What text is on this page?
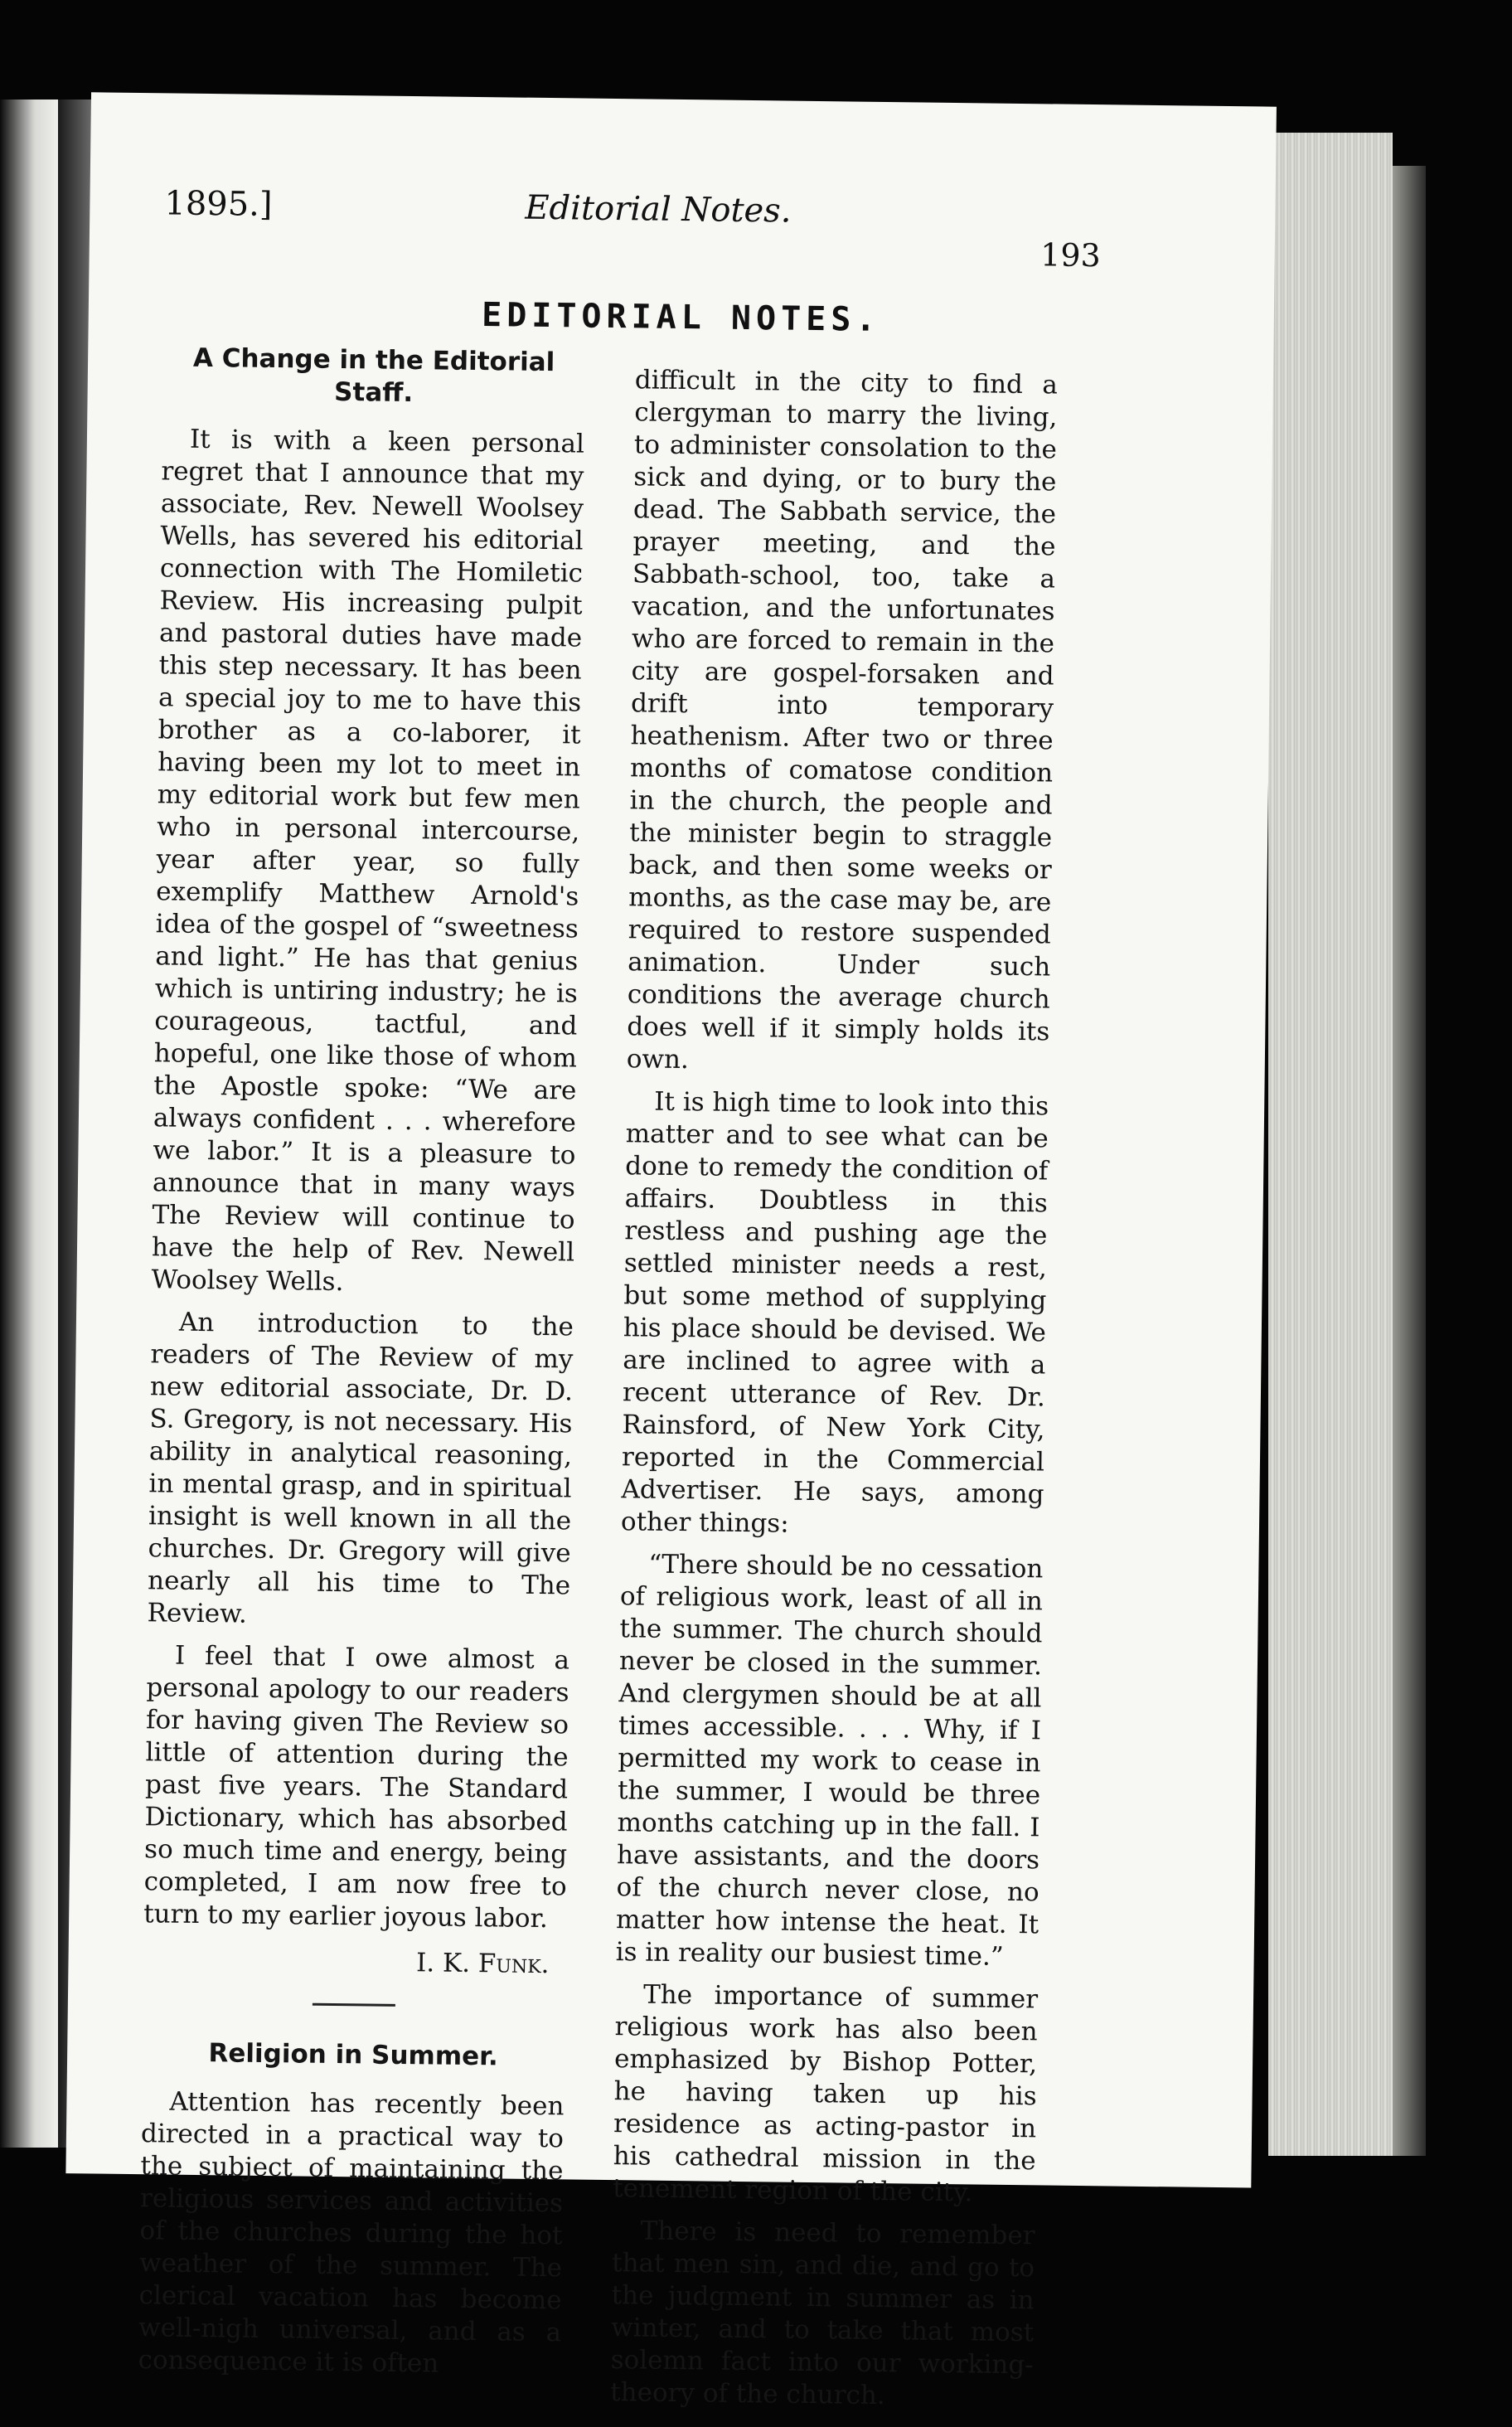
1895.]	Editorial Notes.
193
EDITORIAL NOTES.
A Change in the Editorial Staff.

It is with a keen personal regret that I announce that my associate, Rev. Newell Woolsey Wells, has severed his editorial connection with The Homiletic Review. His increasing pulpit and pastoral duties have made this step necessary. It has been a special joy to me to have this brother as a co-laborer, it having been my lot to meet in my editorial work but few men who in personal intercourse, year after year, so fully exemplify Matthew Arnold's idea of the gospel of “sweetness and light.” He has that genius which is untiring industry; he is courageous, tactful, and hopeful, one like those of whom the Apostle spoke: “We are always confident . . . wherefore we labor.” It is a pleasure to announce that in many ways The Review will continue to have the help of Rev. Newell Woolsey Wells.

An introduction to the readers of The Review of my new editorial associate, Dr. D. S. Gregory, is not necessary. His ability in analytical reasoning, in mental grasp, and in spiritual insight is well known in all the churches. Dr. Gregory will give nearly all his time to The Review.

I feel that I owe almost a personal apology to our readers for having given The Review so little of attention during the past five years. The Standard Dictionary, which has absorbed so much time and energy, being completed, I am now free to turn to my earlier joyous labor.

I. K. Funk.
Religion in Summer.

Attention has recently been directed in a practical way to the subject of maintaining the religious services and activities of the churches during the hot weather of the summer. The clerical vacation has become well-nigh universal, and as a consequence it is often

difficult in the city to find a clergyman to marry the living, to administer consolation to the sick and dying, or to bury the dead. The Sabbath service, the prayer meeting, and the Sabbath-school, too, take a vacation, and the unfortunates who are forced to remain in the city are gospel-forsaken and drift into temporary heathenism. After two or three months of comatose condition in the church, the people and the minister begin to straggle back, and then some weeks or months, as the case may be, are required to restore suspended animation. Under such conditions the average church does well if it simply holds its own.

It is high time to look into this matter and to see what can be done to remedy the condition of affairs. Doubtless in this restless and pushing age the settled minister needs a rest, but some method of supplying his place should be devised. We are inclined to agree with a recent utterance of Rev. Dr. Rainsford, of New York City, reported in the Commercial Advertiser. He says, among other things:

“There should be no cessation of religious work, least of all in the summer. The church should never be closed in the summer. And clergymen should be at all times accessible. . . . Why, if I permitted my work to cease in the summer, I would be three months catching up in the fall. I have assistants, and the doors of the church never close, no matter how intense the heat. It is in reality our busiest time.”

The importance of summer religious work has also been emphasized by Bishop Potter, he having taken up his residence as acting-pastor in his cathedral mission in the tenement region of the city.

There is need to remember that men sin, and die, and go to the judgment in summer as in winter, and to take that most solemn fact into our working-theory of the church.
